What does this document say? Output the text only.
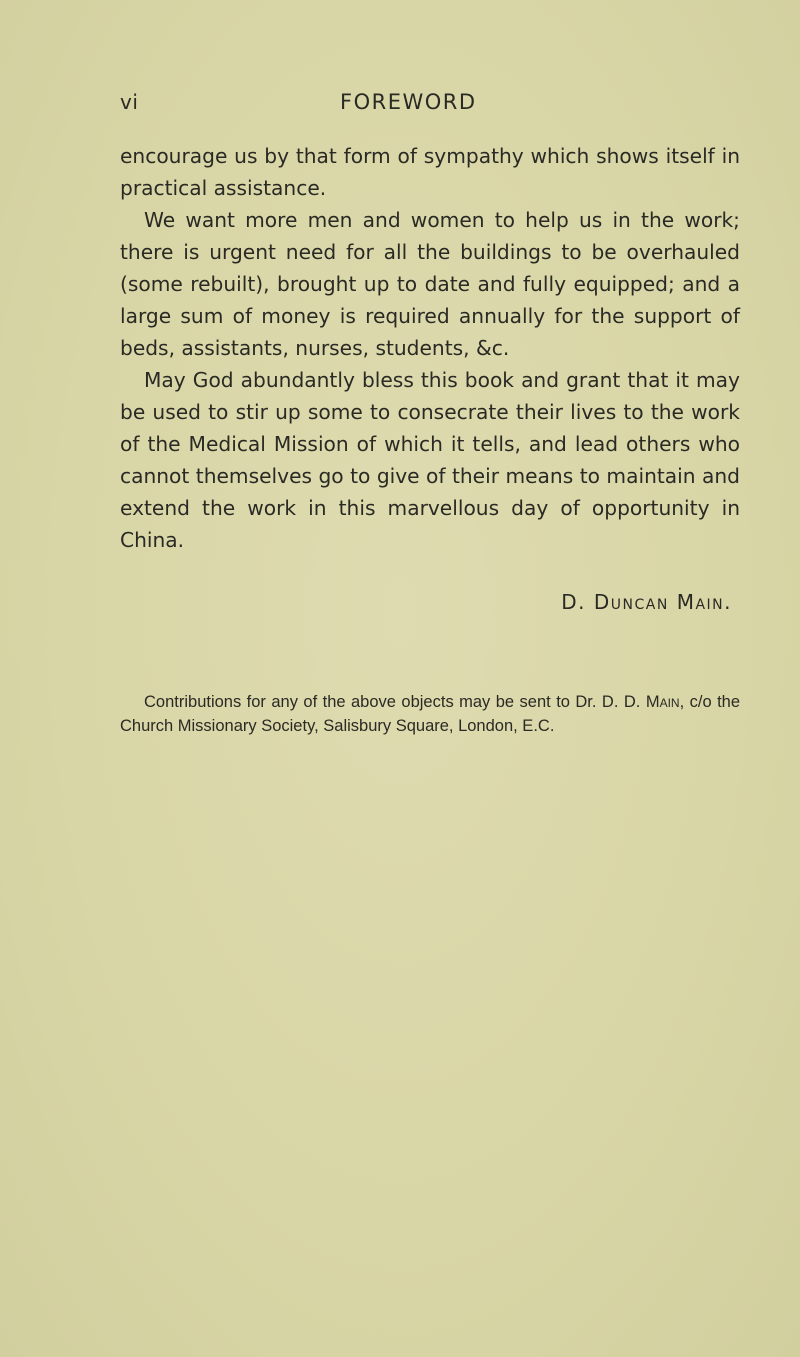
vi	FOREWORD

encourage us by that form of sympathy which shows itself in practical assistance.

We want more men and women to help us in the work; there is urgent need for all the buildings to be overhauled (some rebuilt), brought up to date and fully equipped; and a large sum of money is required annually for the support of beds, assistants, nurses, students, &c.

May God abundantly bless this book and grant that it may be used to stir up some to consecrate their lives to the work of the Medical Mission of which it tells, and lead others who cannot themselves go to give of their means to maintain and extend the work in this marvellous day of opportunity in China.

D. Duncan Main.

Contributions for any of the above objects may be sent to Dr. D. D. Main, c/o the Church Missionary Society, Salisbury Square, London, E.C.
